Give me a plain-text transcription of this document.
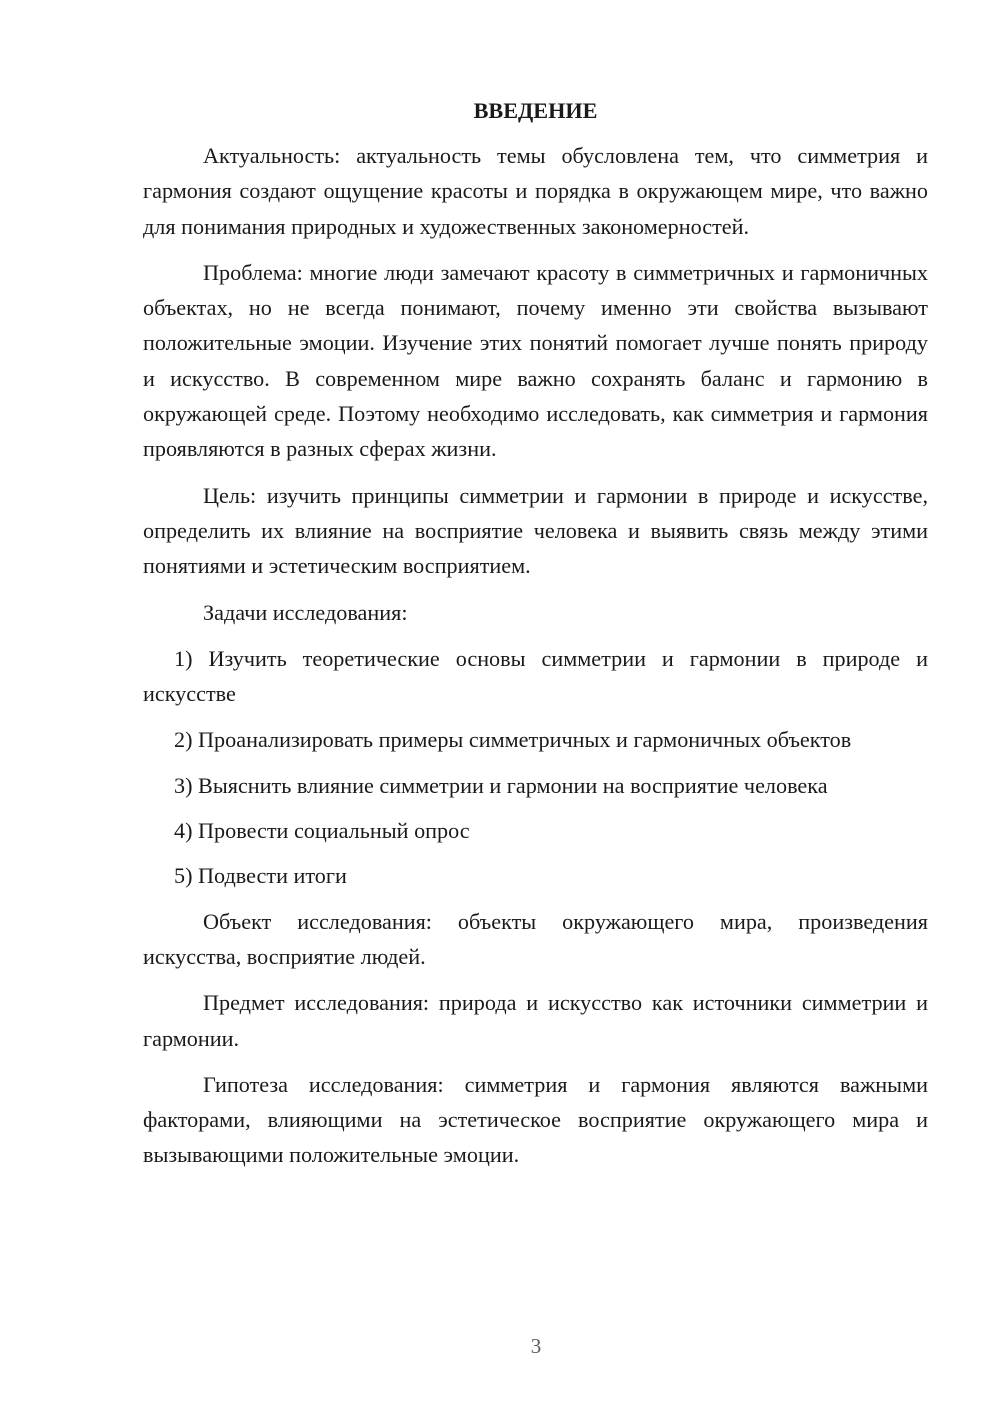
ВВЕДЕНИЕ

Актуальность: актуальность темы обусловлена тем, что симметрия и гармония создают ощущение красоты и порядка в окружающем мире, что важно для понимания природных и художественных закономерностей.

Проблема: многие люди замечают красоту в симметричных и гармоничных объектах, но не всегда понимают, почему именно эти свойства вызывают положительные эмоции. Изучение этих понятий помогает лучше понять природу и искусство. В современном мире важно сохранять баланс и гармонию в окружающей среде. Поэтому необходимо исследовать, как симметрия и гармония проявляются в разных сферах жизни.

Цель: изучить принципы симметрии и гармонии в природе и искусстве, определить их влияние на восприятие человека и выявить связь между этими понятиями и эстетическим восприятием.

Задачи исследования:

1) Изучить теоретические основы симметрии и гармонии в природе и искусстве

2) Проанализировать примеры симметричных и гармоничных объектов

3) Выяснить влияние симметрии и гармонии на восприятие человека

4) Провести социальный опрос

5) Подвести итоги

Объект исследования: объекты окружающего мира, произведения искусства, восприятие людей.

Предмет исследования: природа и искусство как источники симметрии и гармонии.

Гипотеза исследования: симметрия и гармония являются важными факторами, влияющими на эстетическое восприятие окружающего мира и вызывающими положительные эмоции.

3
